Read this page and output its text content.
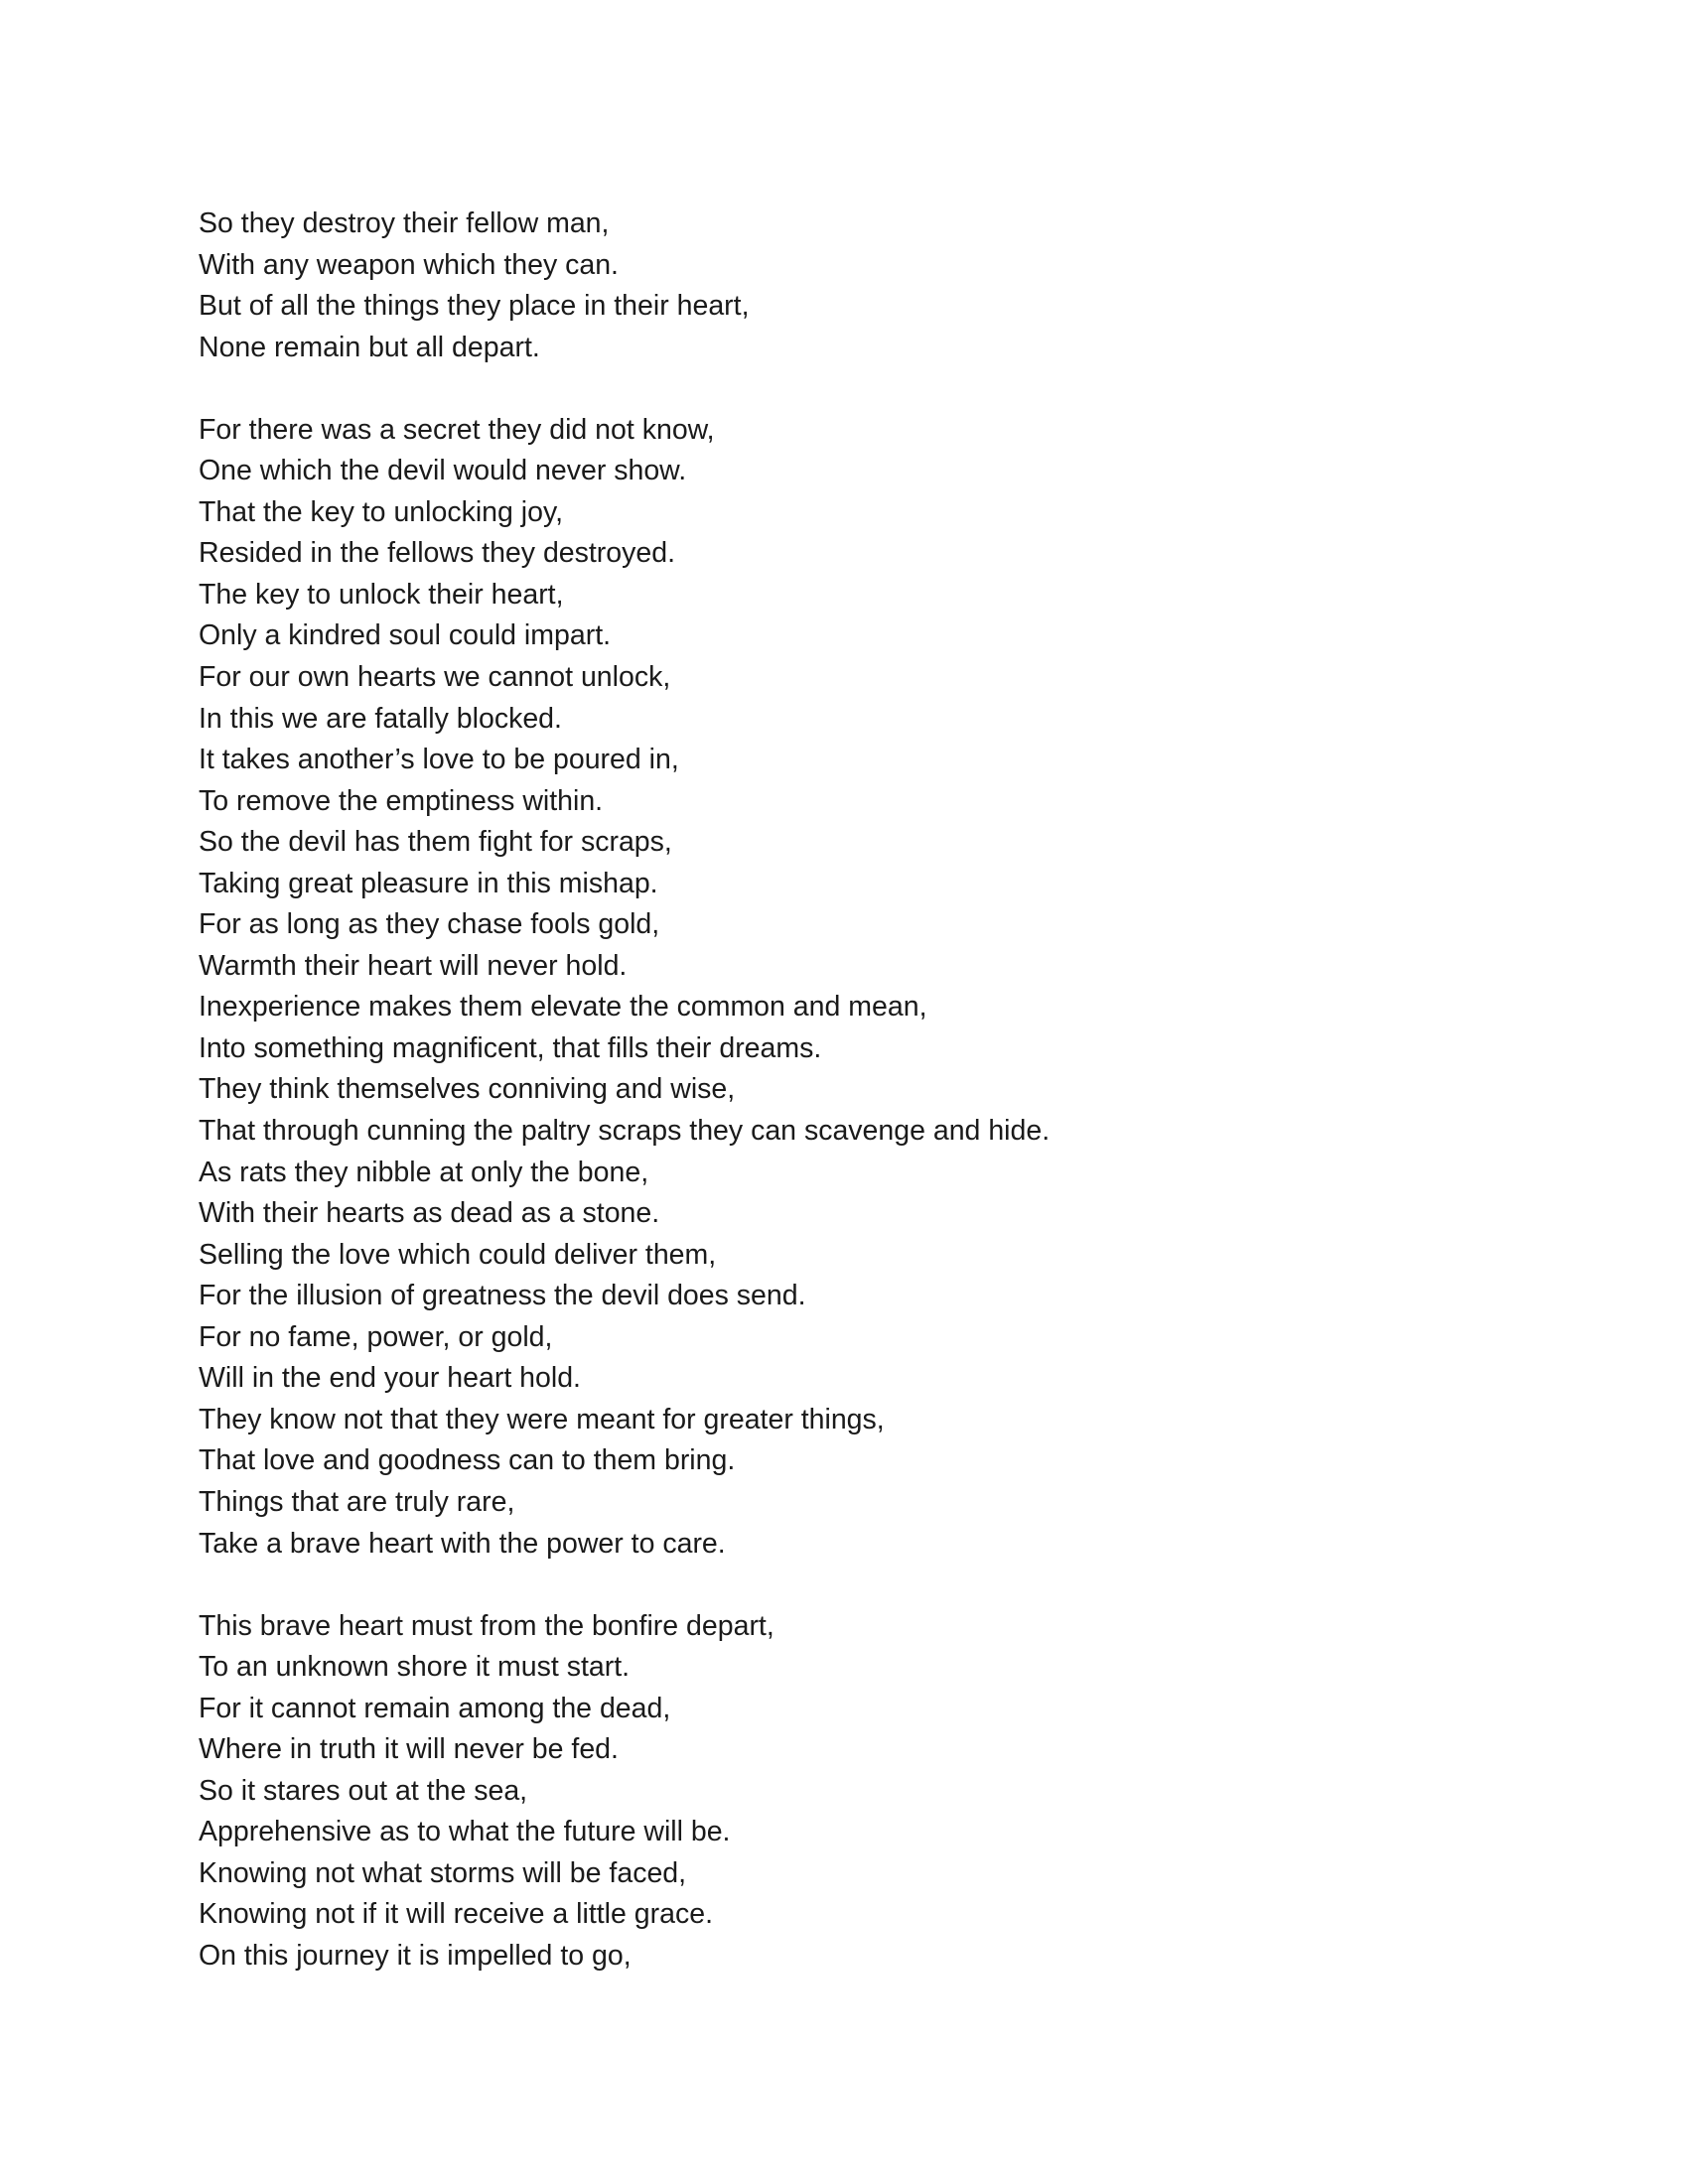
So they destroy their fellow man,
With any weapon which they can.
But of all the things they place in their heart,
None remain but all depart.
For there was a secret they did not know,
One which the devil would never show.
That the key to unlocking joy,
Resided in the fellows they destroyed.
The key to unlock their heart,
Only a kindred soul could impart.
For our own hearts we cannot unlock,
In this we are fatally blocked.
It takes another’s love to be poured in,
To remove the emptiness within.
So the devil has them fight for scraps,
Taking great pleasure in this mishap.
For as long as they chase fools gold,
Warmth their heart will never hold.
Inexperience makes them elevate the common and mean,
Into something magnificent, that fills their dreams.
They think themselves conniving and wise,
That through cunning the paltry scraps they can scavenge and hide.
As rats they nibble at only the bone,
With their hearts as dead as a stone.
Selling the love which could deliver them,
For the illusion of greatness the devil does send.
For no fame, power, or gold,
Will in the end your heart hold.
They know not that they were meant for greater things,
That love and goodness can to them bring.
Things that are truly rare,
Take a brave heart with the power to care.
This brave heart must from the bonfire depart,
To an unknown shore it must start.
For it cannot remain among the dead,
Where in truth it will never be fed.
So it stares out at the sea,
Apprehensive as to what the future will be.
Knowing not what storms will be faced,
Knowing not if it will receive a little grace.
On this journey it is impelled to go,
